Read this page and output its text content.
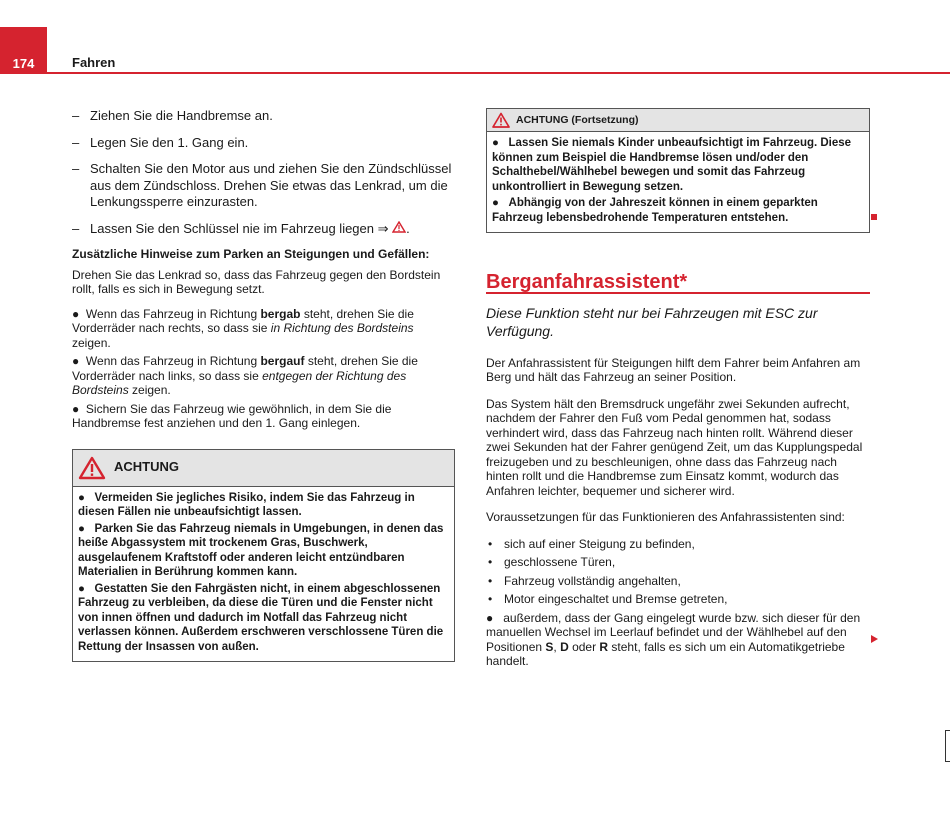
174	Fahren
– Ziehen Sie die Handbremse an.
– Legen Sie den 1. Gang ein.
– Schalten Sie den Motor aus und ziehen Sie den Zündschlüssel aus dem Zündschloss. Drehen Sie etwas das Lenkrad, um die Lenkungssperre einzurasten.
– Lassen Sie den Schlüssel nie im Fahrzeug liegen ⇒ .
Zusätzliche Hinweise zum Parken an Steigungen und Gefällen:
Drehen Sie das Lenkrad so, dass das Fahrzeug gegen den Bordstein rollt, falls es sich in Bewegung setzt.
●  Wenn das Fahrzeug in Richtung bergab steht, drehen Sie die Vorderräder nach rechts, so dass sie in Richtung des Bordsteins zeigen.
●  Wenn das Fahrzeug in Richtung bergauf steht, drehen Sie die Vorderräder nach links, so dass sie entgegen der Richtung des Bordsteins zeigen.
●  Sichern Sie das Fahrzeug wie gewöhnlich, in dem Sie die Handbremse fest anziehen und den 1. Gang einlegen.
ACHTUNG
●   Vermeiden Sie jegliches Risiko, indem Sie das Fahrzeug in diesen Fällen nie unbeaufsichtigt lassen.
●   Parken Sie das Fahrzeug niemals in Umgebungen, in denen das heiße Abgassystem mit trockenem Gras, Buschwerk, ausgelaufenem Kraftstoff oder anderen leicht entzündbaren Materialien in Berührung kommen kann.
●   Gestatten Sie den Fahrgästen nicht, in einem abgeschlossenen Fahrzeug zu verbleiben, da diese die Türen und die Fenster nicht von innen öffnen und dadurch im Notfall das Fahrzeug nicht verlassen können. Außerdem erschweren verschlossene Türen die Rettung der Insassen von außen.
ACHTUNG (Fortsetzung)
●   Lassen Sie niemals Kinder unbeaufsichtigt im Fahrzeug. Diese können zum Beispiel die Handbremse lösen und/oder den Schalthebel/Wählhebel bewegen und somit das Fahrzeug unkontrolliert in Bewegung setzen.
●   Abhängig von der Jahreszeit können in einem geparkten Fahrzeug lebensbedrohende Temperaturen entstehen.
Berganfahrassistent*
Diese Funktion steht nur bei Fahrzeugen mit ESC zur Verfügung.
Der Anfahrassistent für Steigungen hilft dem Fahrer beim Anfahren am Berg und hält das Fahrzeug an seiner Position.
Das System hält den Bremsdruck ungefähr zwei Sekunden aufrecht, nachdem der Fahrer den Fuß vom Pedal genommen hat, sodass verhindert wird, dass das Fahrzeug nach hinten rollt. Während dieser zwei Sekunden hat der Fahrer genügend Zeit, um das Kupplungspedal freizugeben und zu beschleunigen, ohne dass das Fahrzeug nach hinten rollt und die Handbremse zum Einsatz kommt, wodurch das Anfahren leichter, bequemer und sicherer wird.
Voraussetzungen für das Funktionieren des Anfahrassistenten sind:
• sich auf einer Steigung zu befinden,
• geschlossene Türen,
• Fahrzeug vollständig angehalten,
• Motor eingeschaltet und Bremse getreten,
●   außerdem, dass der Gang eingelegt wurde bzw. sich dieser für den manuellen Wechsel im Leerlauf befindet und der Wählhebel auf den Positionen S, D oder R steht, falls es sich um ein Automatikgetriebe handelt.
